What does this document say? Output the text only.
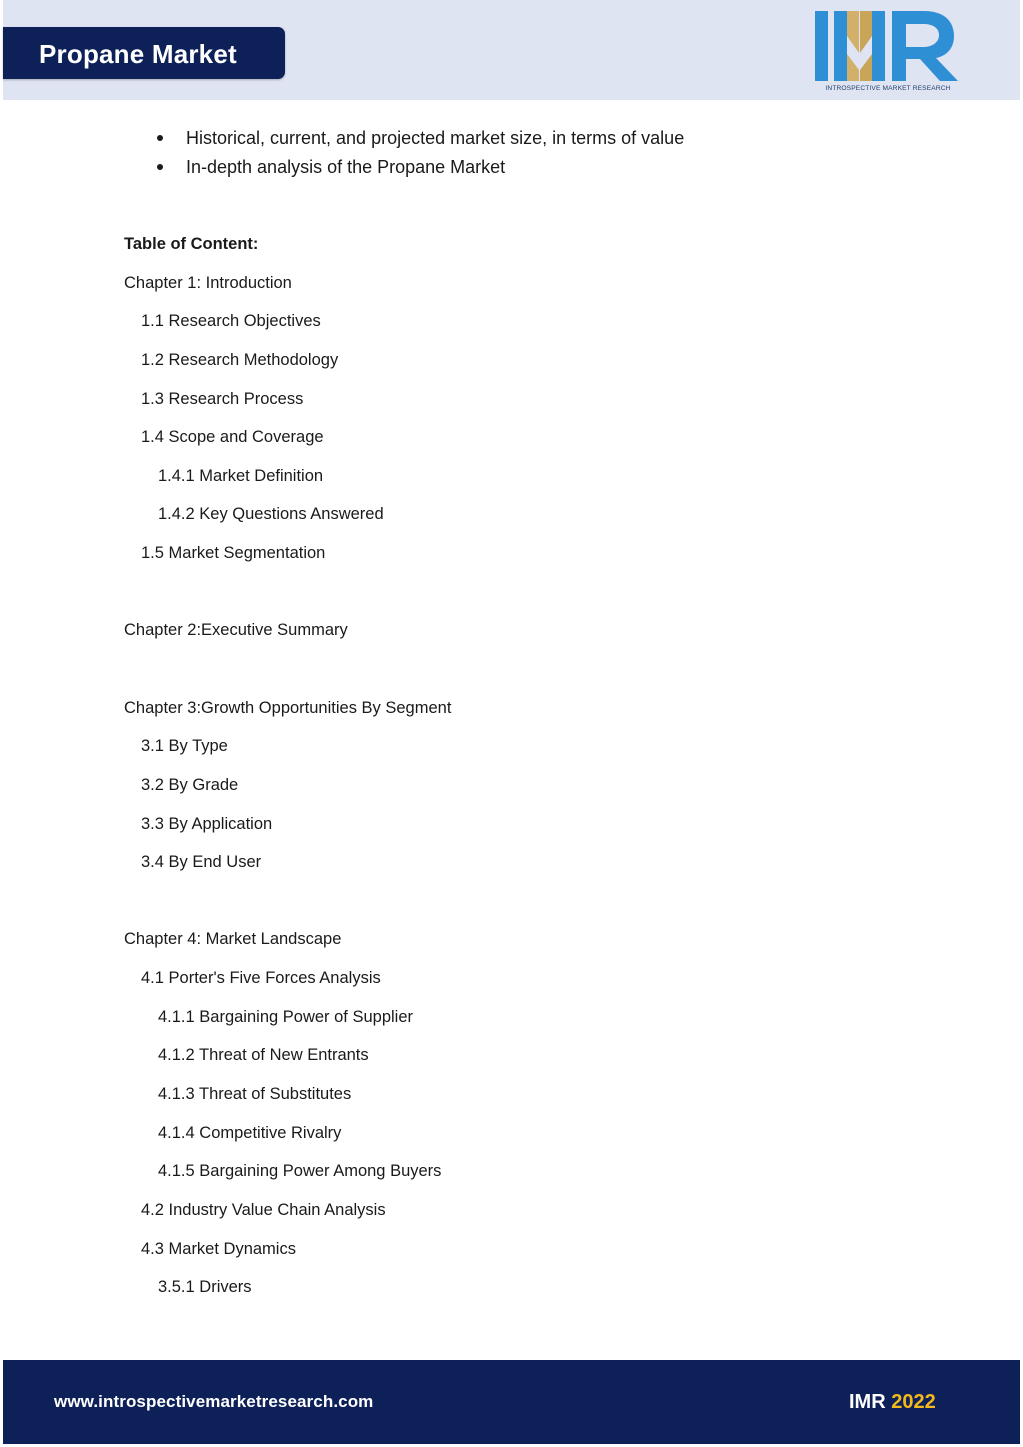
Propane Market
INTROSPECTIVE MARKET RESEARCH
Historical, current, and projected market size, in terms of value
In-depth analysis of the Propane Market
Table of Content:
Chapter 1: Introduction
1.1 Research Objectives
1.2 Research Methodology
1.3 Research Process
1.4 Scope and Coverage
1.4.1 Market Definition
1.4.2 Key Questions Answered
1.5 Market Segmentation
Chapter 2:Executive Summary
Chapter 3:Growth Opportunities By Segment
3.1 By Type
3.2 By Grade
3.3 By Application
3.4 By End User
Chapter 4: Market Landscape
4.1 Porter's Five Forces Analysis
4.1.1 Bargaining Power of Supplier
4.1.2 Threat of New Entrants
4.1.3 Threat of Substitutes
4.1.4 Competitive Rivalry
4.1.5 Bargaining Power Among Buyers
4.2 Industry Value Chain Analysis
4.3 Market Dynamics
3.5.1 Drivers
www.introspectivemarketresearch.com	IMR 2022
